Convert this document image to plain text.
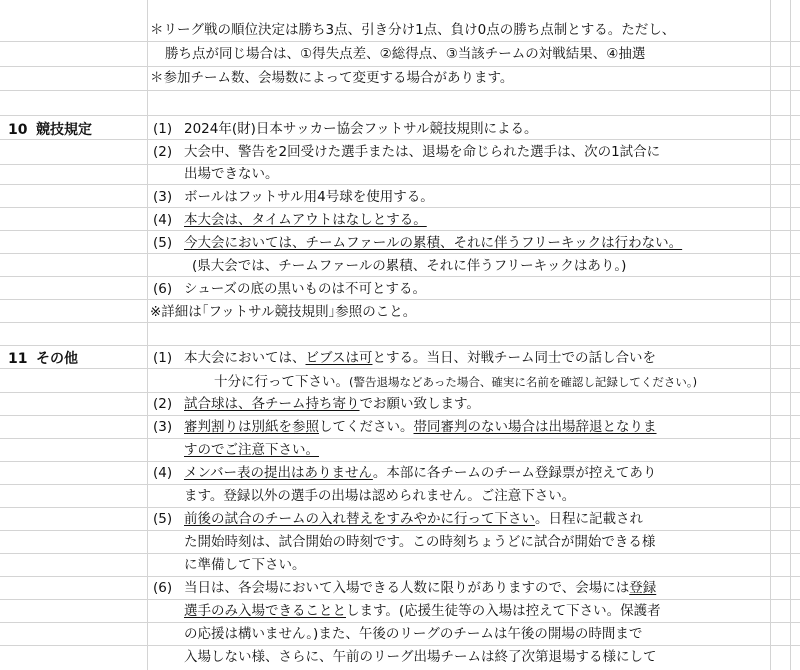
＊リーグ戦の順位決定は勝ち3点、引き分け1点、負け0点の勝ち点制とする。ただし、
勝ち点が同じ場合は、①得失点差、②総得点、③当該チームの対戦結果、④抽選
＊参加チーム数、会場数によって変更する場合があります。
10 競技規定	(1) 2024年(財)日本サッカー協会フットサル競技規則による。
(2) 大会中、警告を2回受けた選手または、退場を命じられた選手は、次の1試合に
出場できない。
(3) ボールはフットサル用4号球を使用する。
(4) 本大会は、タイムアウトはなしとする。
(5) 今大会においては、チームファールの累積、それに伴うフリーキックは行わない。
(県大会では、チームファールの累積、それに伴うフリーキックはあり。)
(6) シューズの底の黒いものは不可とする。
※詳細は｢フットサル競技規則｣参照のこと。
11 その他	(1) 本大会においては、ビブスは可とする。当日、対戦チーム同士での話し合いを
十分に行って下さい。(警告退場などあった場合、確実に名前を確認し記録してください。)
(2) 試合球は、各チーム持ち寄りでお願い致します。
(3) 審判割りは別紙を参照してください。帯同審判のない場合は出場辞退となりま
すのでご注意下さい。
(4) メンバー表の提出はありません。本部に各チームのチーム登録票が控えてあり
ます。登録以外の選手の出場は認められません。ご注意下さい。
(5) 前後の試合のチームの入れ替えをすみやかに行って下さい。日程に記載され
た開始時刻は、試合開始の時刻です。この時刻ちょうどに試合が開始できる様
に準備して下さい。
(6) 当日は、各会場において入場できる人数に限りがありますので、会場には登録
選手のみ入場できることとします。(応援生徒等の入場は控えて下さい。保護者
の応援は構いません。)また、午後のリーグのチームは午後の開場の時間まで
入場しない様、さらに、午前のリーグ出場チームは終了次第退場する様にして
